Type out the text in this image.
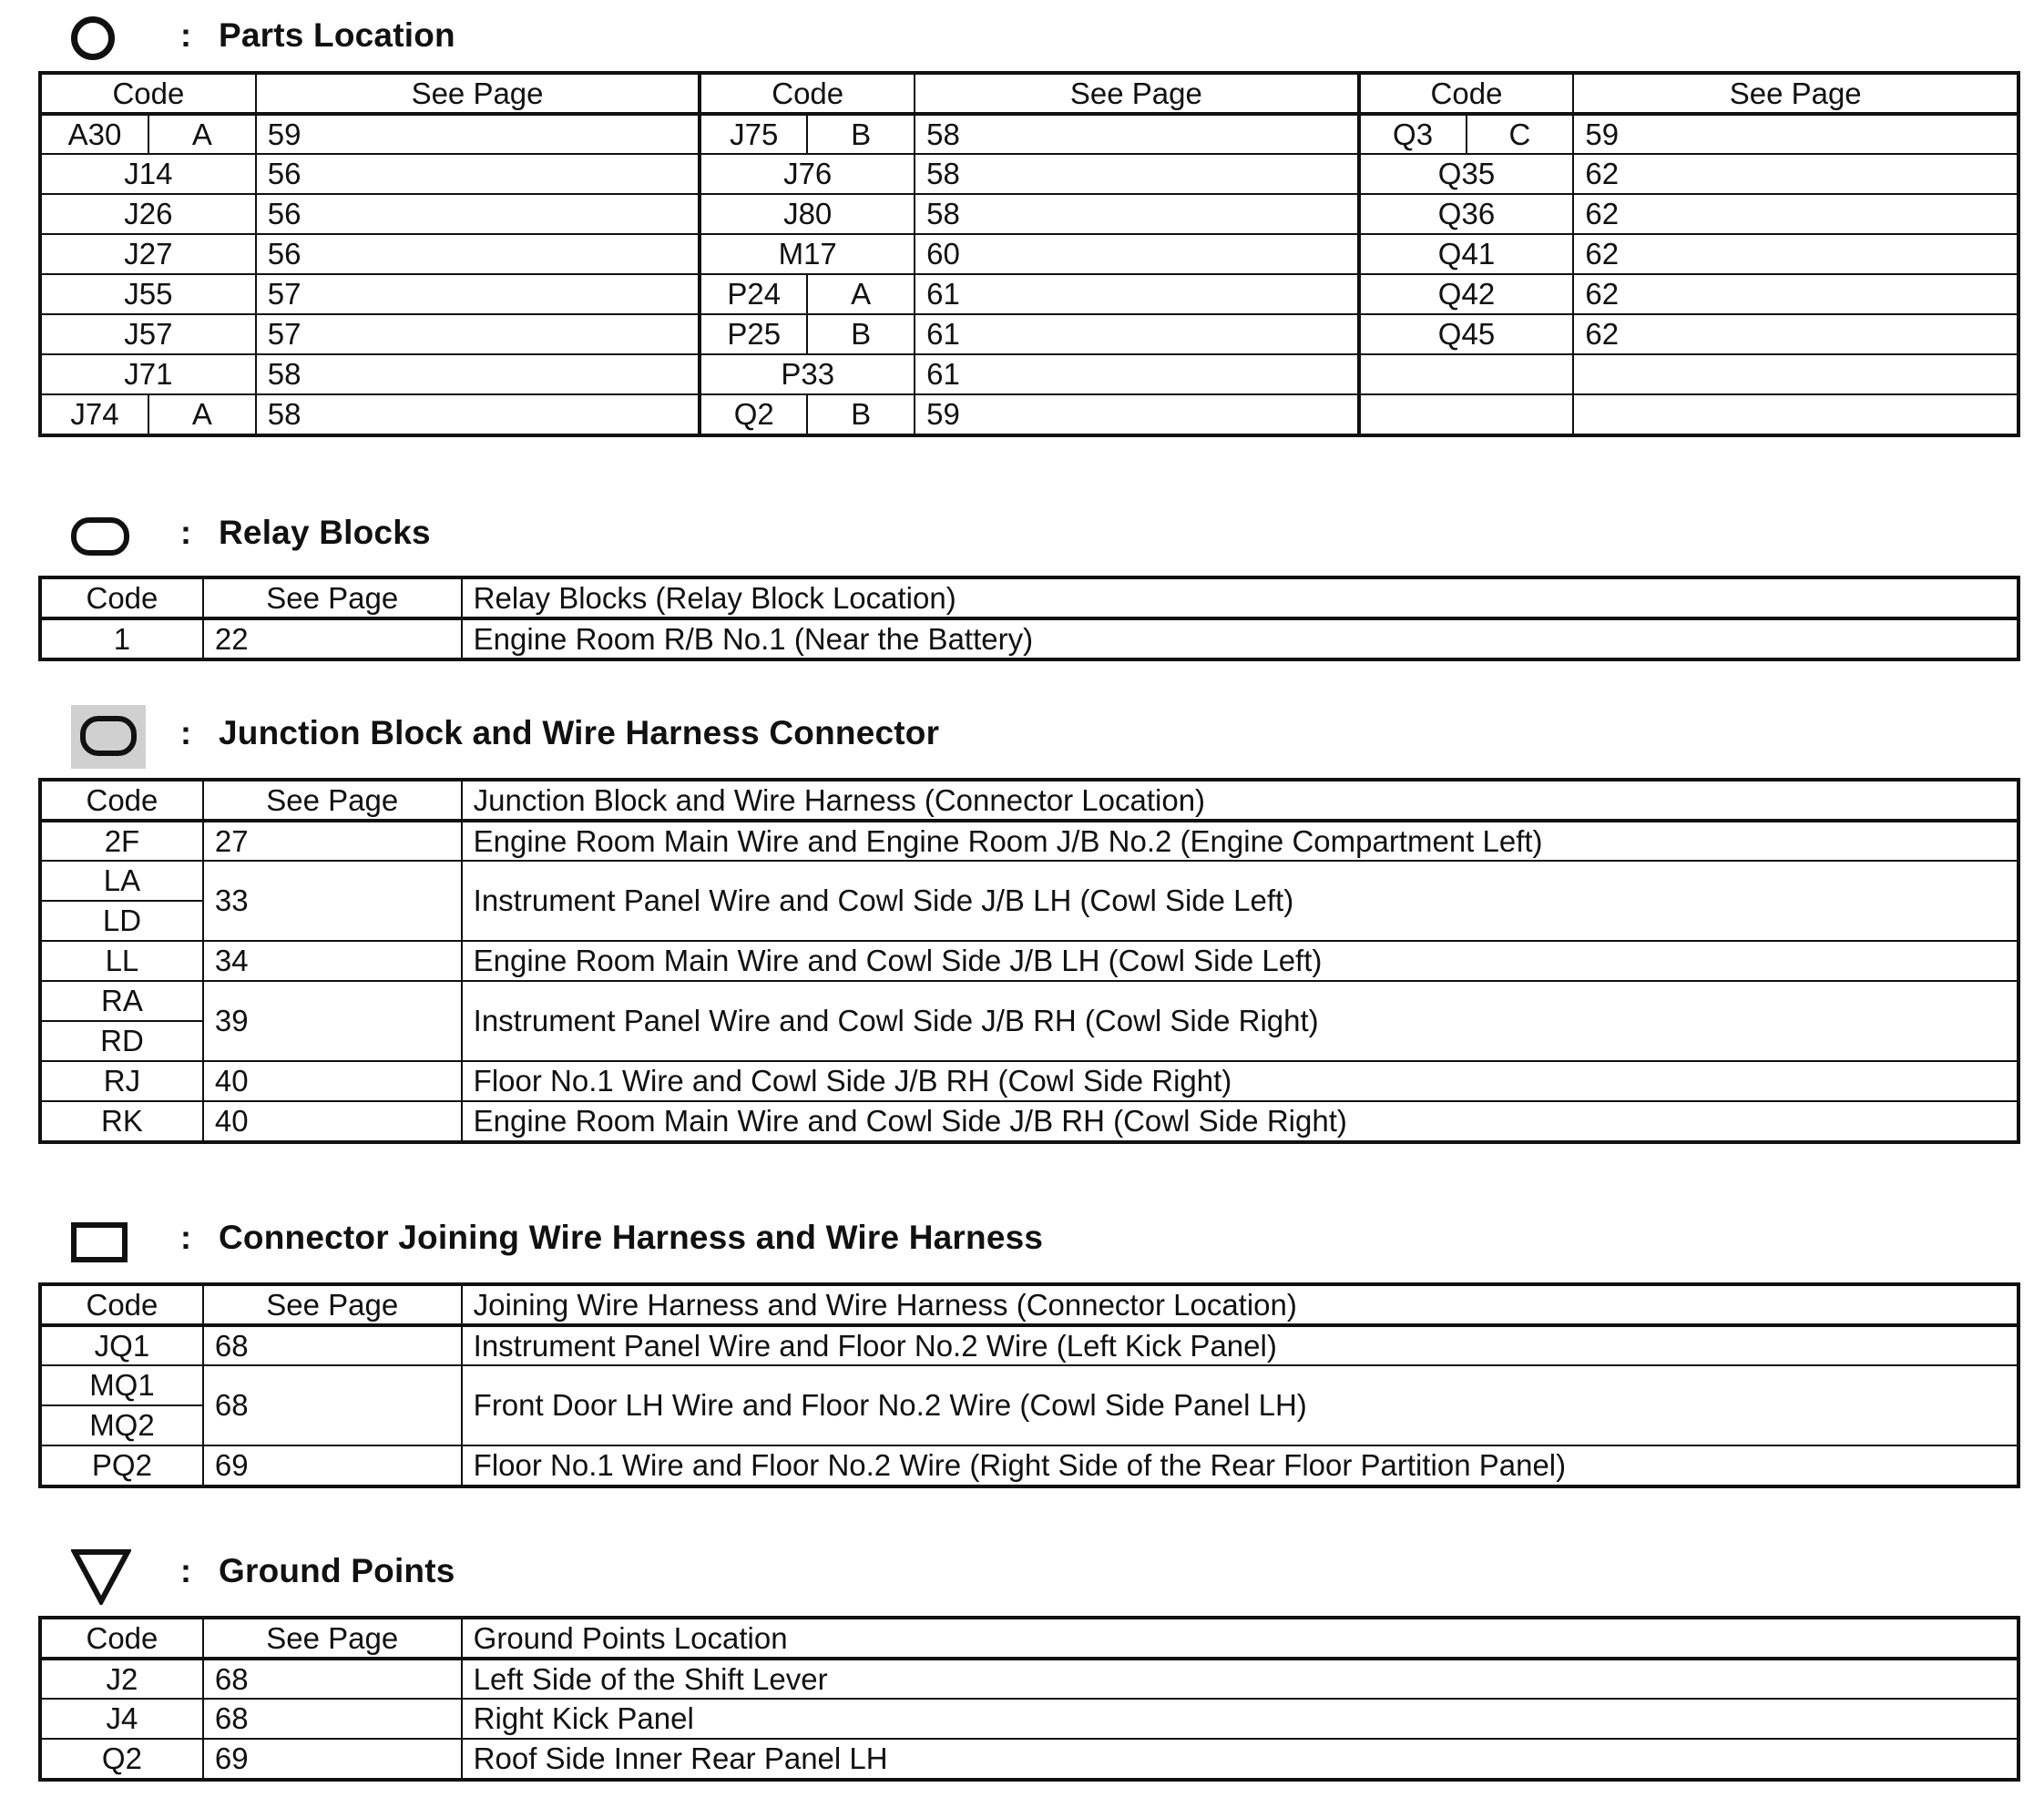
: Parts Location
Code		See Page	Code		See Page	Code		See Page
A30	A	59	J75	B	58	Q3	C	59
J14		56	J76		58	Q35		62
J26		56	J80		58	Q36		62
J27		56	M17		60	Q41		62
J55		57	P24	A	61	Q42		62
J57		57	P25	B	61	Q45		62
J71		58	P33		61			
J74	A	58	Q2	B	59			
: Relay Blocks
Code	See Page	Relay Blocks (Relay Block Location)
1	22	Engine Room R/B No.1 (Near the Battery)
: Junction Block and Wire Harness Connector
Code	See Page	Junction Block and Wire Harness (Connector Location)
2F	27	Engine Room Main Wire and Engine Room J/B No.2 (Engine Compartment Left)
LA	33	Instrument Panel Wire and Cowl Side J/B LH (Cowl Side Left)
LD		
LL	34	Engine Room Main Wire and Cowl Side J/B LH (Cowl Side Left)
RA	39	Instrument Panel Wire and Cowl Side J/B RH (Cowl Side Right)
RD		
RJ	40	Floor No.1 Wire and Cowl Side J/B RH (Cowl Side Right)
RK	40	Engine Room Main Wire and Cowl Side J/B RH (Cowl Side Right)
: Connector Joining Wire Harness and Wire Harness
Code	See Page	Joining Wire Harness and Wire Harness (Connector Location)
JQ1	68	Instrument Panel Wire and Floor No.2 Wire (Left Kick Panel)
MQ1	68	Front Door LH Wire and Floor No.2 Wire (Cowl Side Panel LH)
MQ2		
PQ2	69	Floor No.1 Wire and Floor No.2 Wire (Right Side of the Rear Floor Partition Panel)
: Ground Points
Code	See Page	Ground Points Location
J2	68	Left Side of the Shift Lever
J4	68	Right Kick Panel
Q2	69	Roof Side Inner Rear Panel LH
